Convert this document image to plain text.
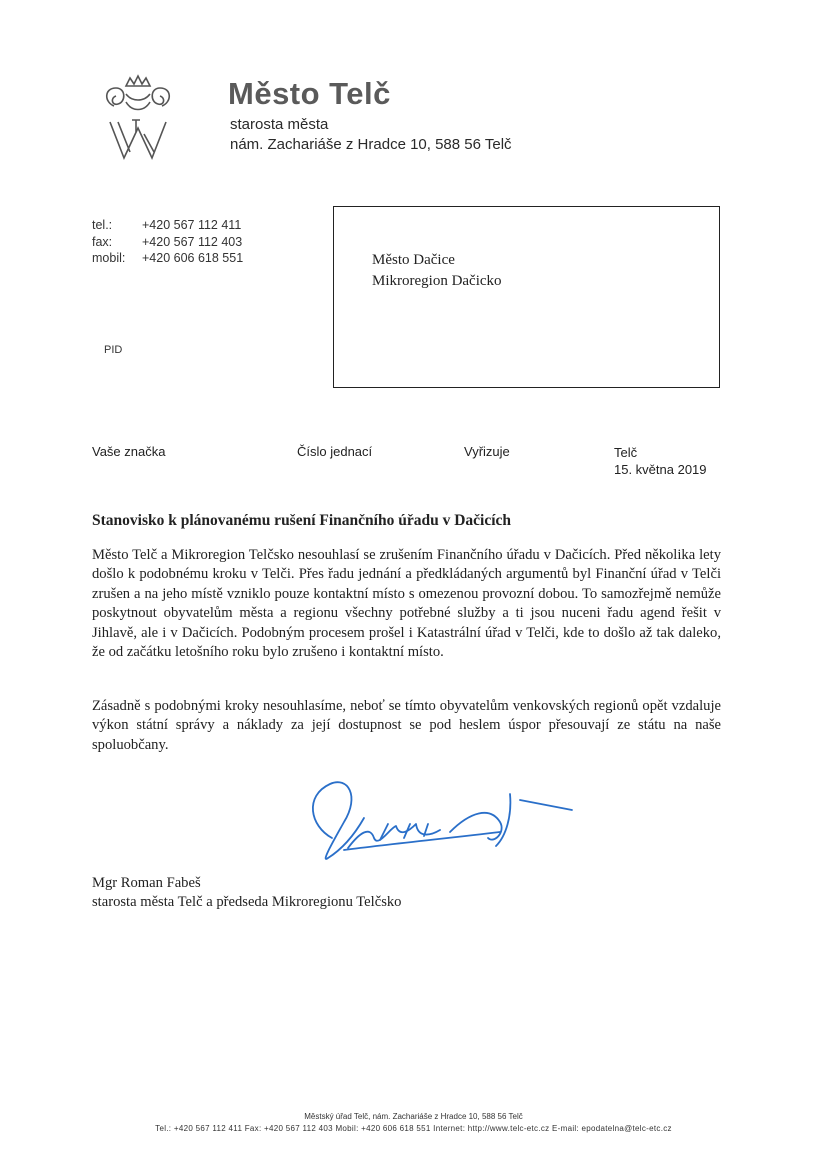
Město Telč
starosta města
nám. Zachariáše z Hradce 10, 588 56 Telč
tel.:	+420 567 112 411
fax:	+420 567 112 403
mobil:	+420 606 618 551
PID
Město Dačice
Mikroregion Dačicko
Vaše značka	Číslo jednací	Vyřizuje	Telč
15. května 2019
Stanovisko k plánovanému rušení Finančního úřadu v Dačicích
Město Telč a Mikroregion Telčsko nesouhlasí se zrušením Finančního úřadu v Dačicích. Před několika lety došlo k podobnému kroku v Telči. Přes řadu jednání a předkládaných argumentů byl Finanční úřad v Telči zrušen a na jeho místě vzniklo pouze kontaktní místo s omezenou provozní dobou. To samozřejmě nemůže poskytnout obyvatelům města a regionu všechny potřebné služby a ti jsou nuceni řadu agend řešit v Jihlavě, ale i v Dačicích. Podobným procesem prošel i Katastrální úřad v Telči, kde to došlo až tak daleko, že od začátku letošního roku bylo zrušeno i kontaktní místo.
Zásadně s podobnými kroky nesouhlasíme, neboť se tímto obyvatelům venkovských regionů opět vzdaluje výkon státní správy a náklady za její dostupnost se pod heslem úspor přesouvají ze státu na naše spoluobčany.
Mgr Roman Fabeš
starosta města Telč a předseda Mikroregionu Telčsko
Městský úřad Telč, nám. Zachariáše z Hradce 10, 588 56 Telč
Tel.: +420 567 112 411 Fax: +420 567 112 403 Mobil: +420 606 618 551 Internet: http://www.telc-etc.cz E-mail: epodatelna@telc-etc.cz
